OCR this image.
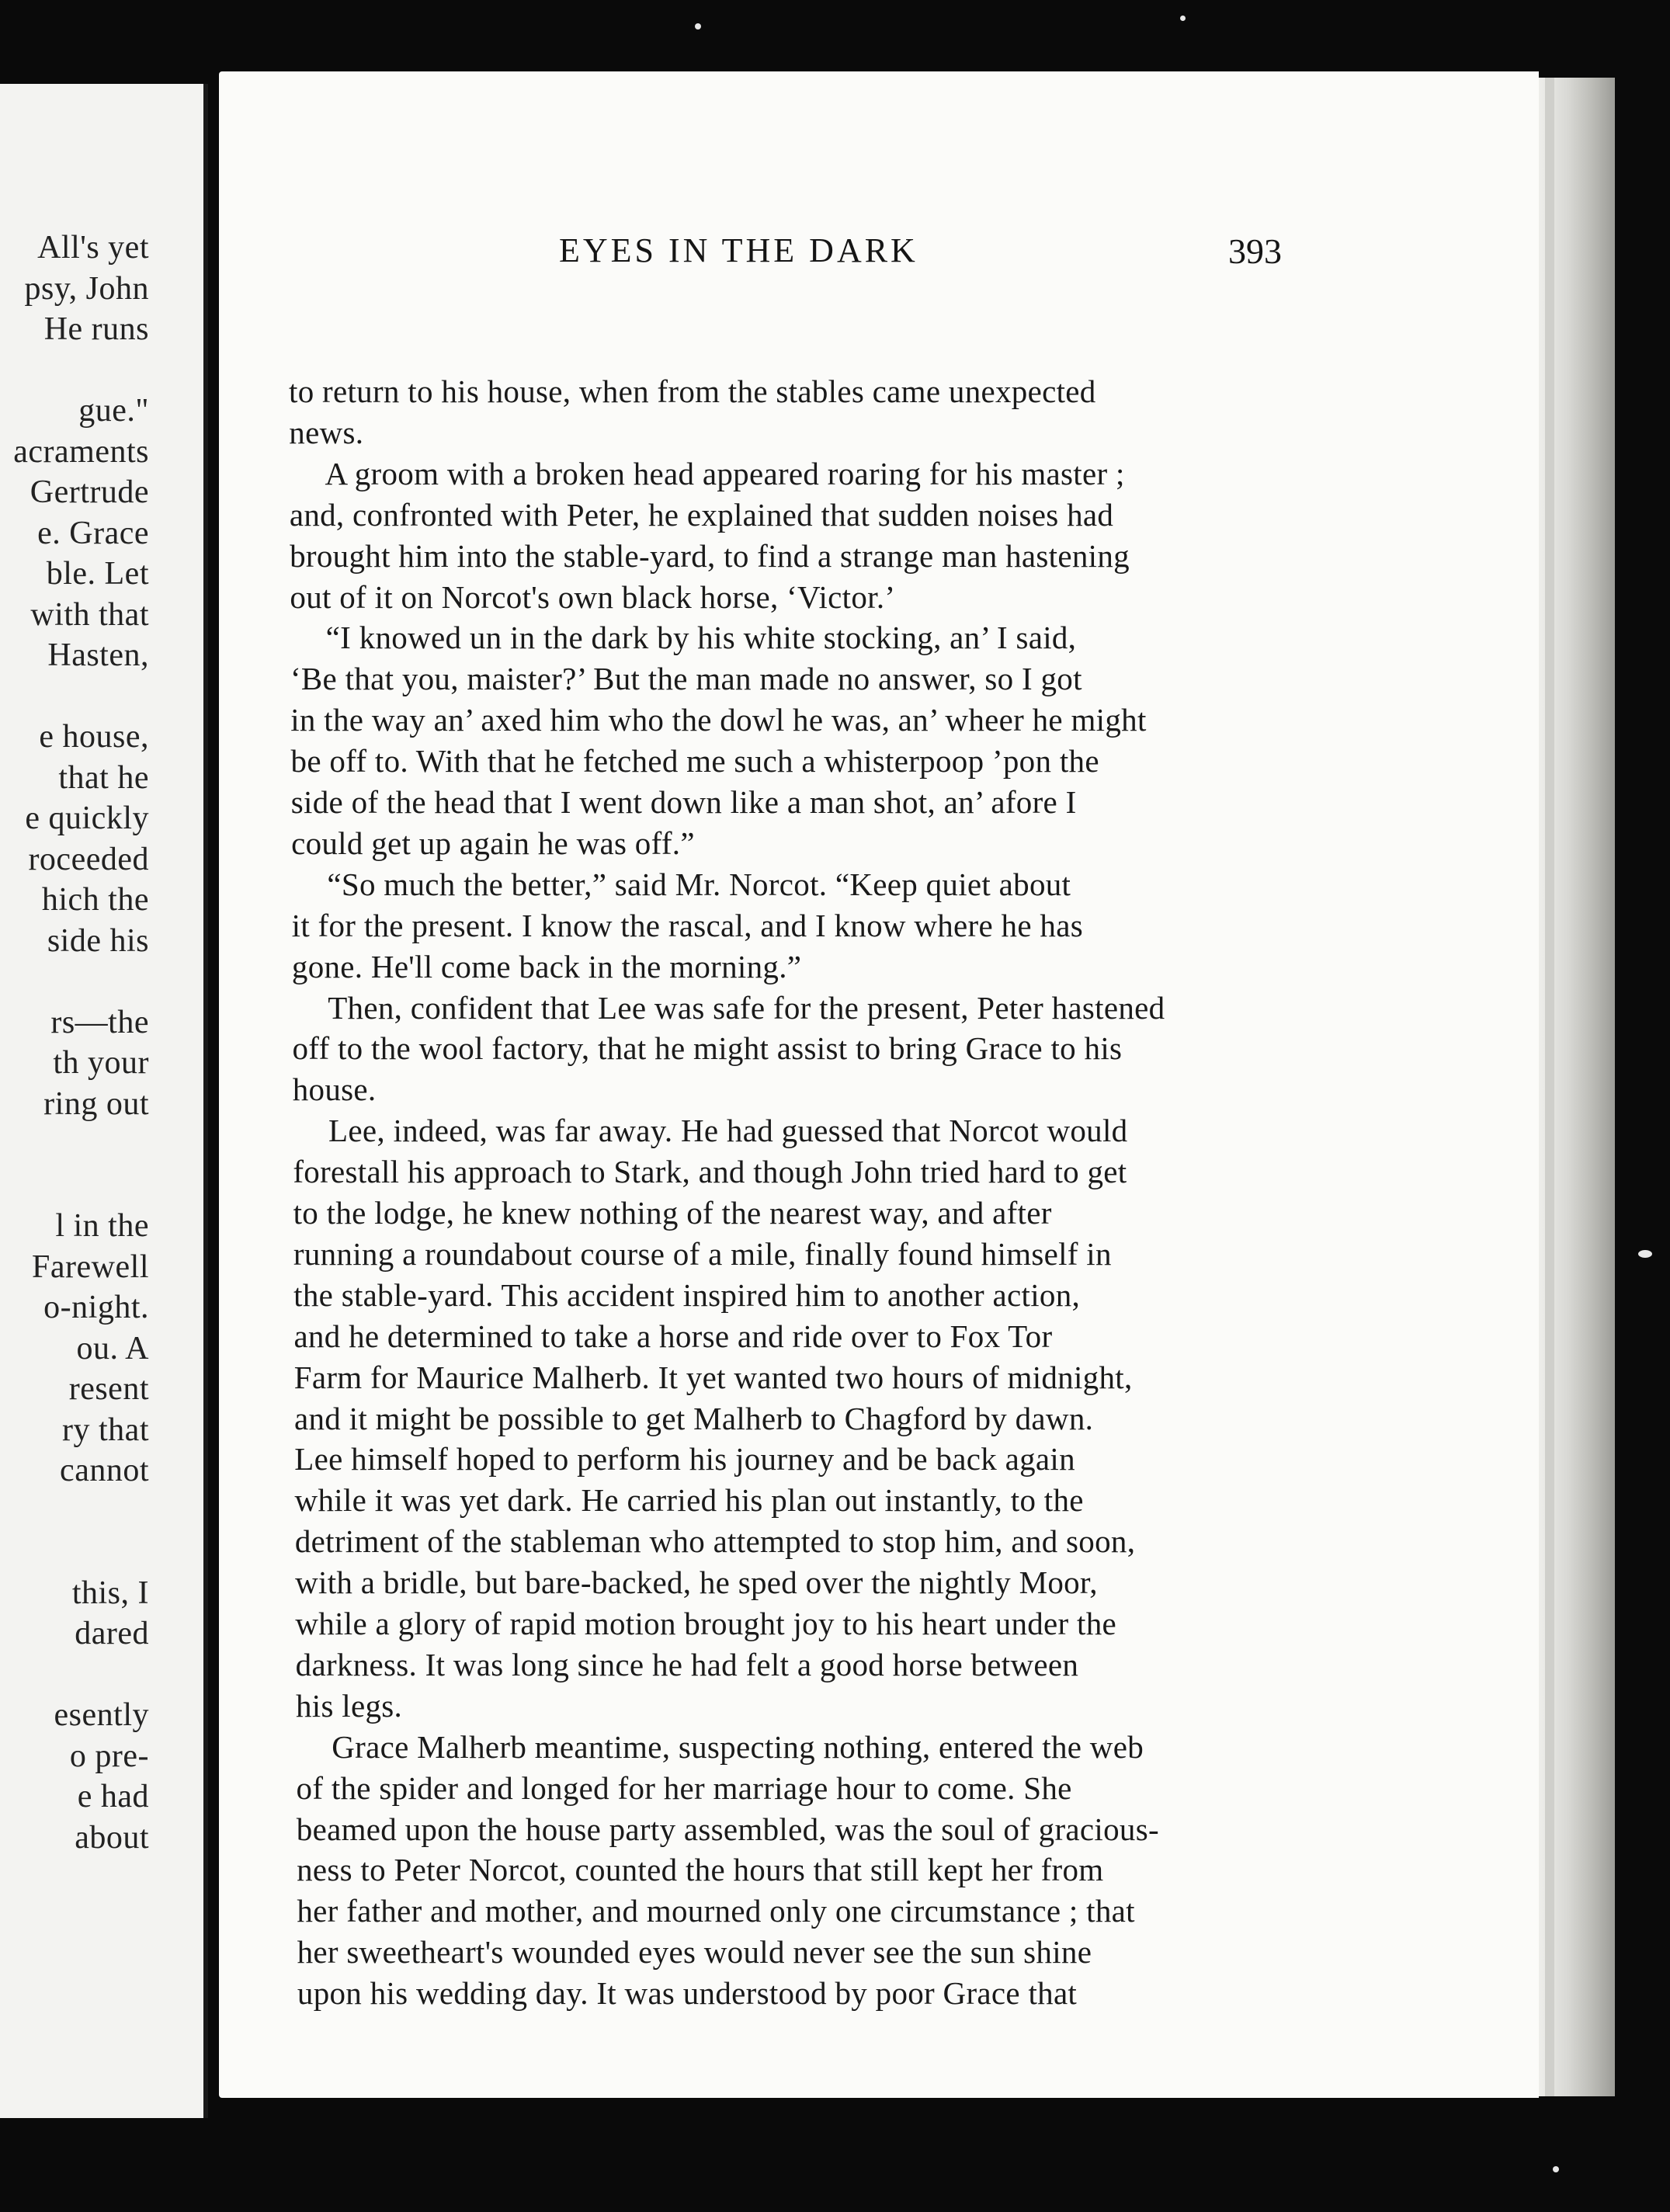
All's yet
psy, John
He runs
gue."
acraments
Gertrude
e. Grace
ble. Let
with that
Hasten,
e house,
that he
e quickly
roceeded
hich the
side his
rs—the
th your
ring out
l in the
Farewell
o-night.
ou. A
resent
ry that
cannot
this, I
dared
esently
o pre-
e had
about
EYES IN THE DARK	393
to return to his house, when from the stables came unexpected
news.
A groom with a broken head appeared roaring for his master ;
and, confronted with Peter, he explained that sudden noises had
brought him into the stable-yard, to find a strange man hastening
out of it on Norcot's own black horse, ‘Victor.’
“I knowed un in the dark by his white stocking, an’ I said,
‘Be that you, maister?’ But the man made no answer, so I got
in the way an’ axed him who the dowl he was, an’ wheer he might
be off to. With that he fetched me such a whisterpoop ’pon the
side of the head that I went down like a man shot, an’ afore I
could get up again he was off.”
“So much the better,” said Mr. Norcot. “Keep quiet about
it for the present. I know the rascal, and I know where he has
gone. He'll come back in the morning.”
Then, confident that Lee was safe for the present, Peter hastened
off to the wool factory, that he might assist to bring Grace to his
house.
Lee, indeed, was far away. He had guessed that Norcot would
forestall his approach to Stark, and though John tried hard to get
to the lodge, he knew nothing of the nearest way, and after
running a roundabout course of a mile, finally found himself in
the stable-yard. This accident inspired him to another action,
and he determined to take a horse and ride over to Fox Tor
Farm for Maurice Malherb. It yet wanted two hours of midnight,
and it might be possible to get Malherb to Chagford by dawn.
Lee himself hoped to perform his journey and be back again
while it was yet dark. He carried his plan out instantly, to the
detriment of the stableman who attempted to stop him, and soon,
with a bridle, but bare-backed, he sped over the nightly Moor,
while a glory of rapid motion brought joy to his heart under the
darkness. It was long since he had felt a good horse between
his legs.
Grace Malherb meantime, suspecting nothing, entered the web
of the spider and longed for her marriage hour to come. She
beamed upon the house party assembled, was the soul of gracious-
ness to Peter Norcot, counted the hours that still kept her from
her father and mother, and mourned only one circumstance ; that
her sweetheart's wounded eyes would never see the sun shine
upon his wedding day. It was understood by poor Grace that
